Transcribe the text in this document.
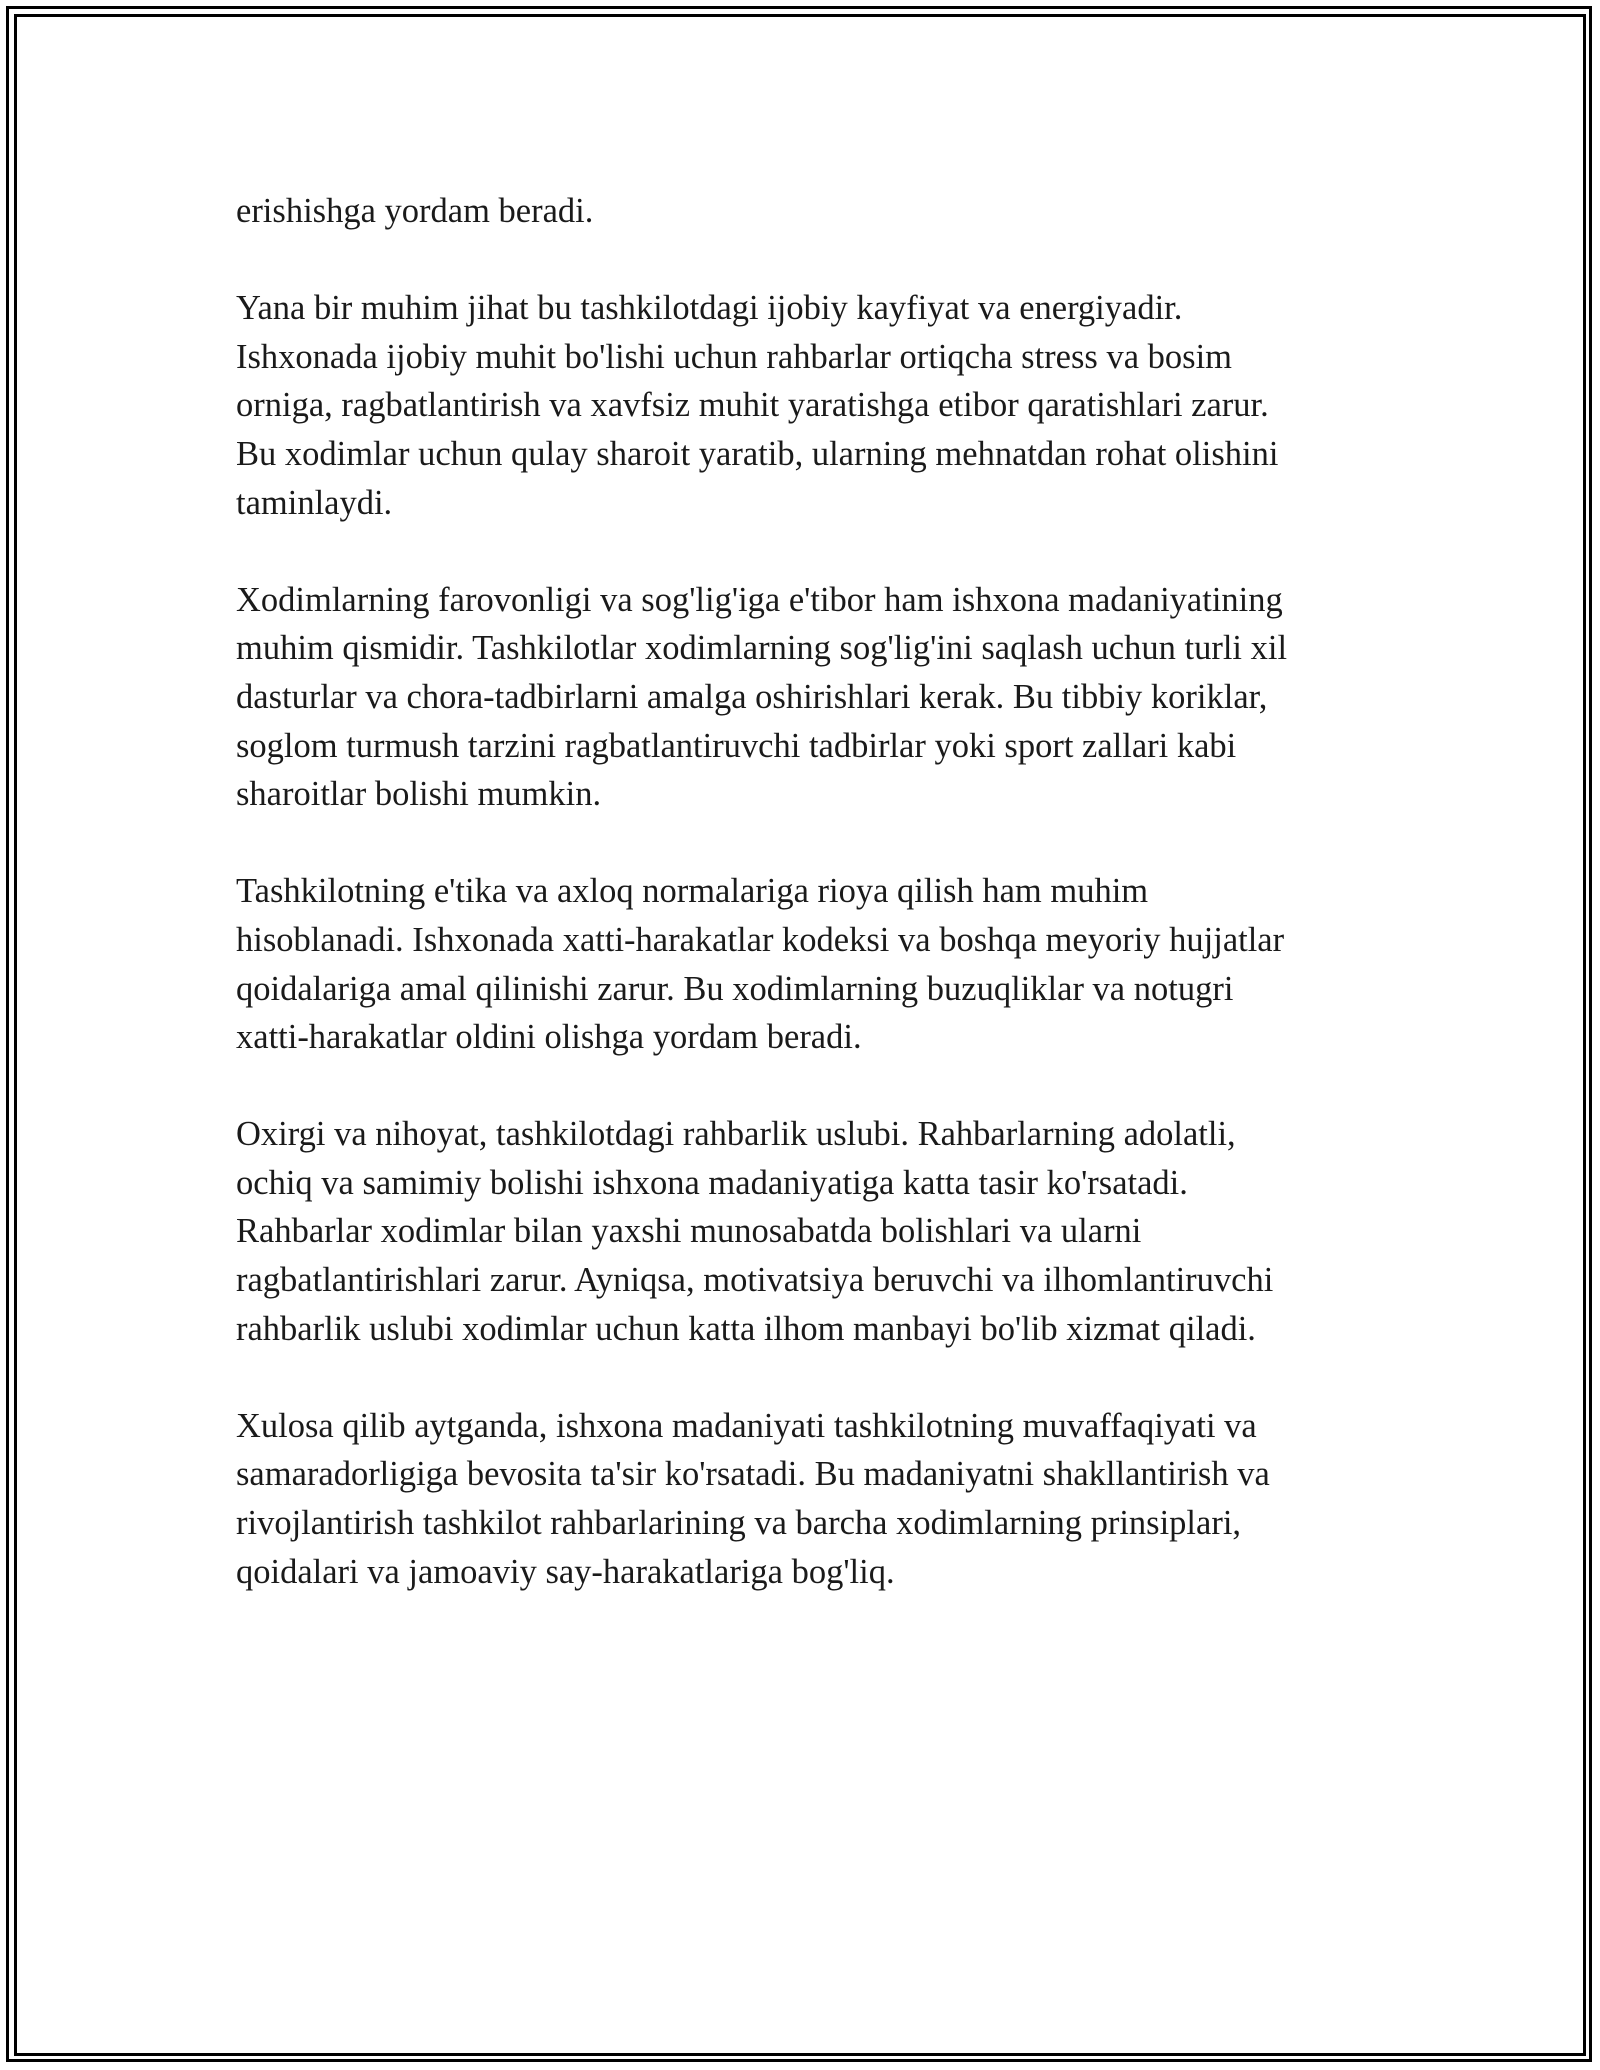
erishishga yordam beradi.

Yana bir muhim jihat bu tashkilotdagi ijobiy kayfiyat va energiyadir.
Ishxonada ijobiy muhit bo'lishi uchun rahbarlar ortiqcha stress va bosim
orniga, ragbatlantirish va xavfsiz muhit yaratishga etibor qaratishlari zarur.
Bu xodimlar uchun qulay sharoit yaratib, ularning mehnatdan rohat olishini
taminlaydi.

Xodimlarning farovonligi va sog'lig'iga e'tibor ham ishxona madaniyatining
muhim qismidir. Tashkilotlar xodimlarning sog'lig'ini saqlash uchun turli xil
dasturlar va chora-tadbirlarni amalga oshirishlari kerak. Bu tibbiy koriklar,
soglom turmush tarzini ragbatlantiruvchi tadbirlar yoki sport zallari kabi
sharoitlar bolishi mumkin.

Tashkilotning e'tika va axloq normalariga rioya qilish ham muhim
hisoblanadi. Ishxonada xatti-harakatlar kodeksi va boshqa meyoriy hujjatlar
qoidalariga amal qilinishi zarur. Bu xodimlarning buzuqliklar va notugri
xatti-harakatlar oldini olishga yordam beradi.

Oxirgi va nihoyat, tashkilotdagi rahbarlik uslubi. Rahbarlarning adolatli,
ochiq va samimiy bolishi ishxona madaniyatiga katta tasir ko'rsatadi.
Rahbarlar xodimlar bilan yaxshi munosabatda bolishlari va ularni
ragbatlantirishlari zarur. Ayniqsa, motivatsiya beruvchi va ilhomlantiruvchi
rahbarlik uslubi xodimlar uchun katta ilhom manbayi bo'lib xizmat qiladi.

Xulosa qilib aytganda, ishxona madaniyati tashkilotning muvaffaqiyati va
samaradorligiga bevosita ta'sir ko'rsatadi. Bu madaniyatni shakllantirish va
rivojlantirish tashkilot rahbarlarining va barcha xodimlarning prinsiplari,
qoidalari va jamoaviy say-harakatlariga bog'liq.
